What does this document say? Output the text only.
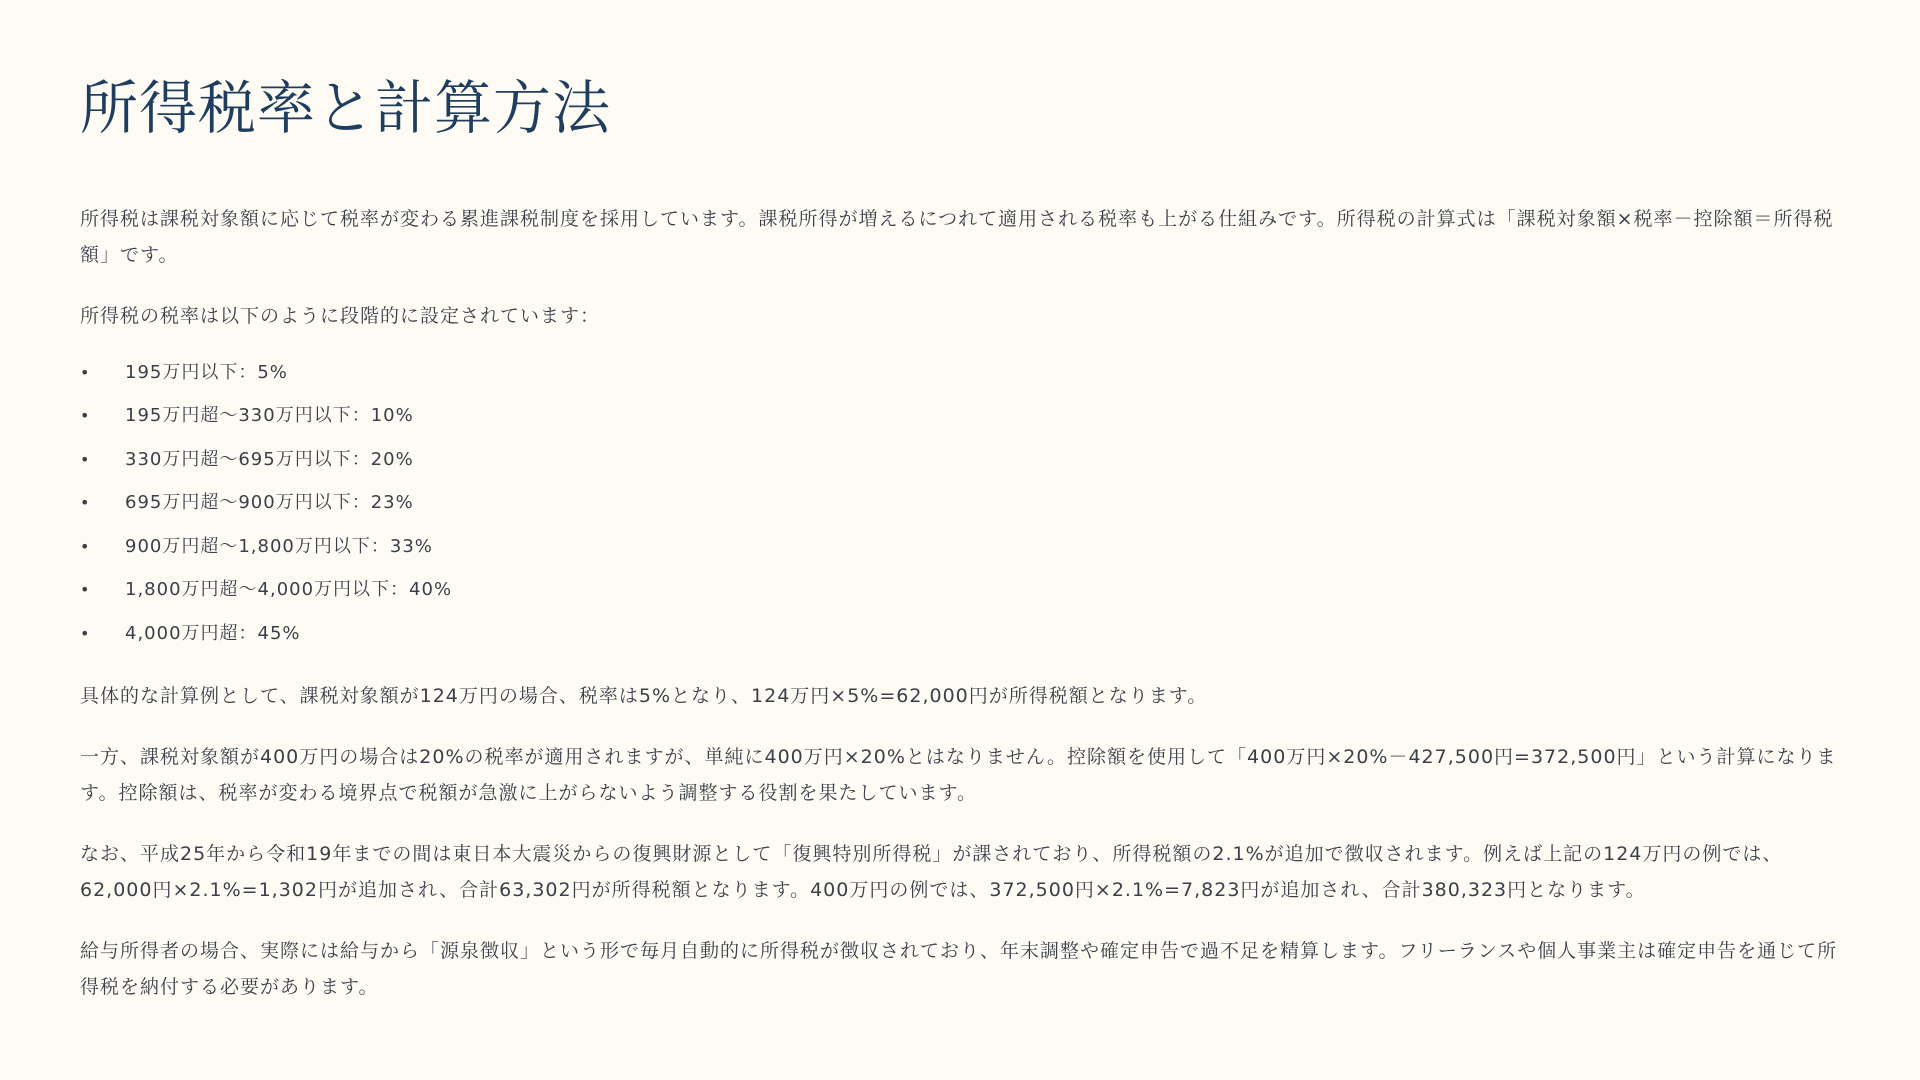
所得税率と計算方法

所得税は課税対象額に応じて税率が変わる累進課税制度を採用しています。課税所得が増えるにつれて適用される税率も上がる仕組みです。所得税の計算式は「課税対象額×税率－控除額＝所得税額」です。

所得税の税率は以下のように段階的に設定されています：

•	195万円以下：5%
•	195万円超〜330万円以下：10%
•	330万円超〜695万円以下：20%
•	695万円超〜900万円以下：23%
•	900万円超〜1,800万円以下：33%
•	1,800万円超〜4,000万円以下：40%
•	4,000万円超：45%

具体的な計算例として、課税対象額が124万円の場合、税率は5%となり、124万円×5%=62,000円が所得税額となります。

一方、課税対象額が400万円の場合は20%の税率が適用されますが、単純に400万円×20%とはなりません。控除額を使用して「400万円×20%－427,500円=372,500円」という計算になります。控除額は、税率が変わる境界点で税額が急激に上がらないよう調整する役割を果たしています。

なお、平成25年から令和19年までの間は東日本大震災からの復興財源として「復興特別所得税」が課されており、所得税額の2.1%が追加で徴収されます。例えば上記の124万円の例では、62,000円×2.1%=1,302円が追加され、合計63,302円が所得税額となります。400万円の例では、372,500円×2.1%=7,823円が追加され、合計380,323円となります。

給与所得者の場合、実際には給与から「源泉徴収」という形で毎月自動的に所得税が徴収されており、年末調整や確定申告で過不足を精算します。フリーランスや個人事業主は確定申告を通じて所得税を納付する必要があります。
